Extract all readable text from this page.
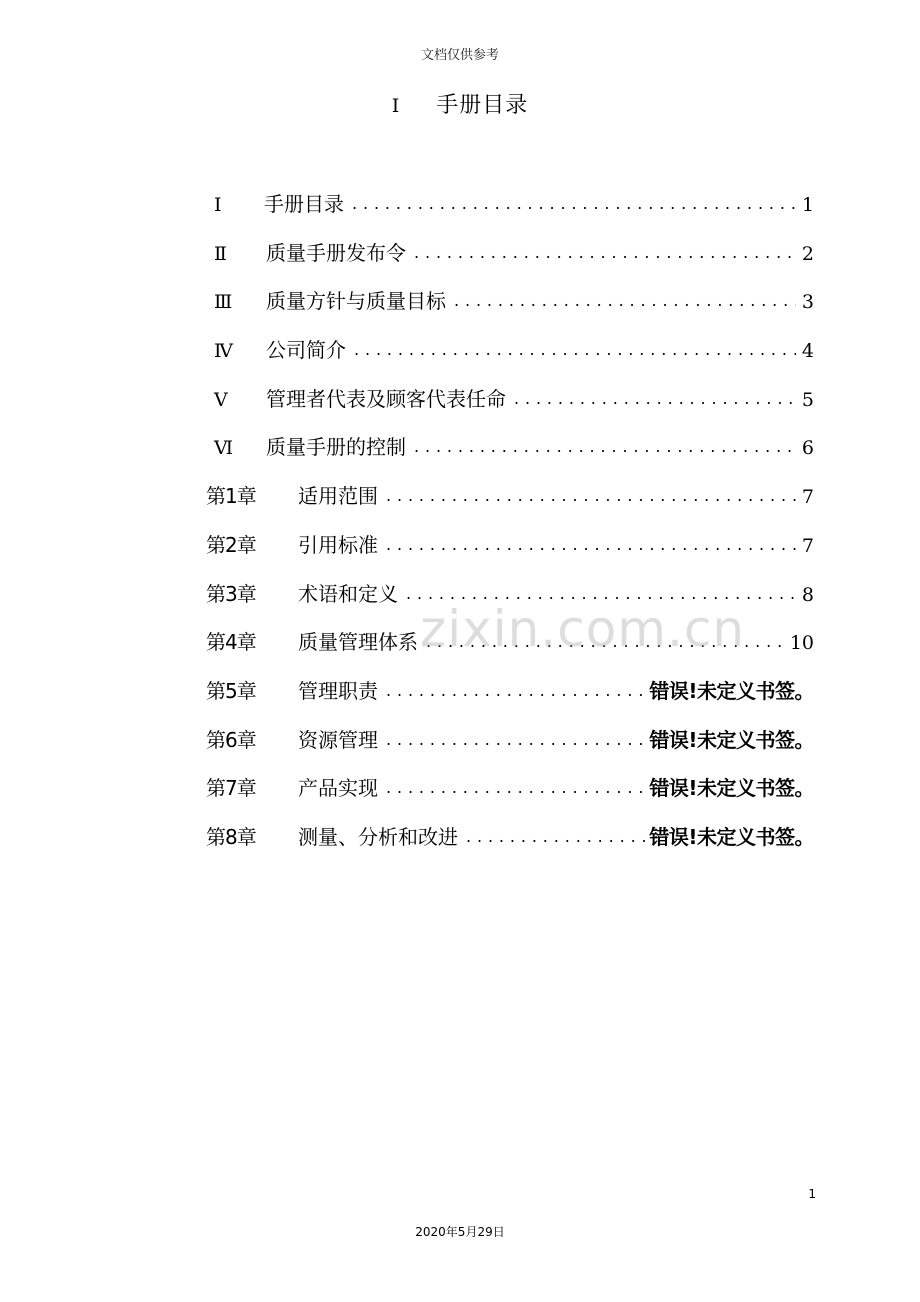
文档仅供参考
Ⅰ 手册目录
Ⅰ	手册目录 . . .	1
Ⅱ	质量手册发布令 . . .	2
Ⅲ	质量方针与质量目标 . . .	3
Ⅳ	公司简介 . . .	4
Ⅴ	管理者代表及顾客代表任命 . . .	5
Ⅵ	质量手册的控制 . . .	6
第1章	适用范围 . . .	7
第2章	引用标准 . . .	7
第3章	术语和定义 . . .	8
第4章	质量管理体系 . . .	10
第5章	管理职责 . . .	错误!未定义书签。
第6章	资源管理 . . .	错误!未定义书签。
第7章	产品实现 . . .	错误!未定义书签。
第8章	测量、分析和改进 . . .	错误!未定义书签。
zixin.com.cn
1
2020年5月29日
